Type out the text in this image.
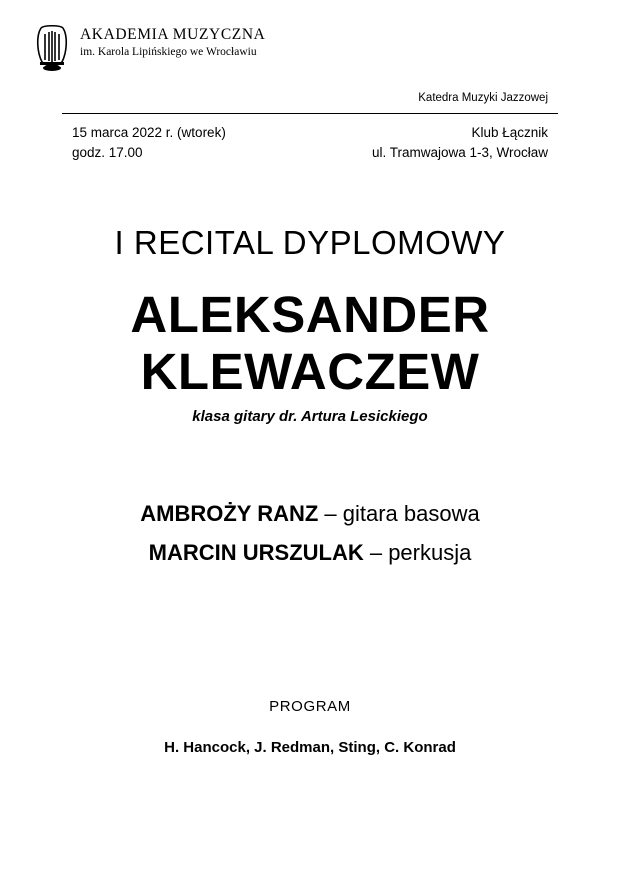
AKADEMIA MUZYCZNA
im. Karola Lipińskiego we Wrocławiu
Katedra Muzyki Jazzowej
15 marca 2022 r. (wtorek)
godz. 17.00
Klub Łącznik
ul. Tramwajowa 1-3, Wrocław
I RECITAL DYPLOMOWY
ALEKSANDER
KLEWACZEW
klasa gitary dr. Artura Lesickiego
AMBROŻY RANZ – gitara basowa
MARCIN URSZULAK – perkusja
PROGRAM
H. Hancock, J. Redman, Sting, C. Konrad
